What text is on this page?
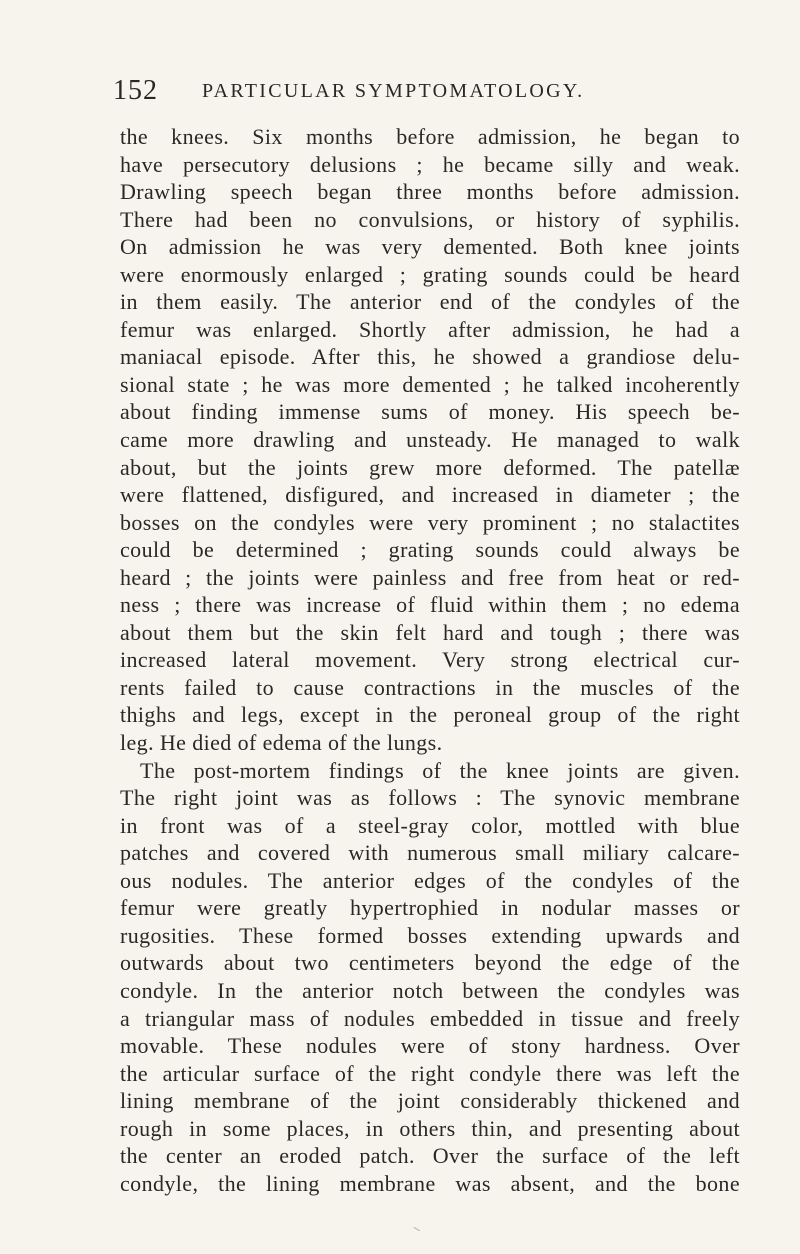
152 PARTICULAR SYMPTOMATOLOGY.
the knees. Six months before admission, he began to
have persecutory delusions ; he became silly and weak.
Drawling speech began three months before admission.
There had been no convulsions, or history of syphilis.
On admission he was very demented. Both knee joints
were enormously enlarged ; grating sounds could be heard
in them easily. The anterior end of the condyles of the
femur was enlarged. Shortly after admission, he had a
maniacal episode. After this, he showed a grandiose delu-
sional state ; he was more demented ; he talked incoherently
about finding immense sums of money. His speech be-
came more drawling and unsteady. He managed to walk
about, but the joints grew more deformed. The patellæ
were flattened, disfigured, and increased in diameter ; the
bosses on the condyles were very prominent ; no stalactites
could be determined ; grating sounds could always be
heard ; the joints were painless and free from heat or red-
ness ; there was increase of fluid within them ; no edema
about them but the skin felt hard and tough ; there was
increased lateral movement. Very strong electrical cur-
rents failed to cause contractions in the muscles of the
thighs and legs, except in the peroneal group of the right
leg. He died of edema of the lungs.
The post-mortem findings of the knee joints are given.
The right joint was as follows : The synovic membrane
in front was of a steel-gray color, mottled with blue
patches and covered with numerous small miliary calcare-
ous nodules. The anterior edges of the condyles of the
femur were greatly hypertrophied in nodular masses or
rugosities. These formed bosses extending upwards and
outwards about two centimeters beyond the edge of the
condyle. In the anterior notch between the condyles was
a triangular mass of nodules embedded in tissue and freely
movable. These nodules were of stony hardness. Over
the articular surface of the right condyle there was left the
lining membrane of the joint considerably thickened and
rough in some places, in others thin, and presenting about
the center an eroded patch. Over the surface of the left
condyle, the lining membrane was absent, and the bone
